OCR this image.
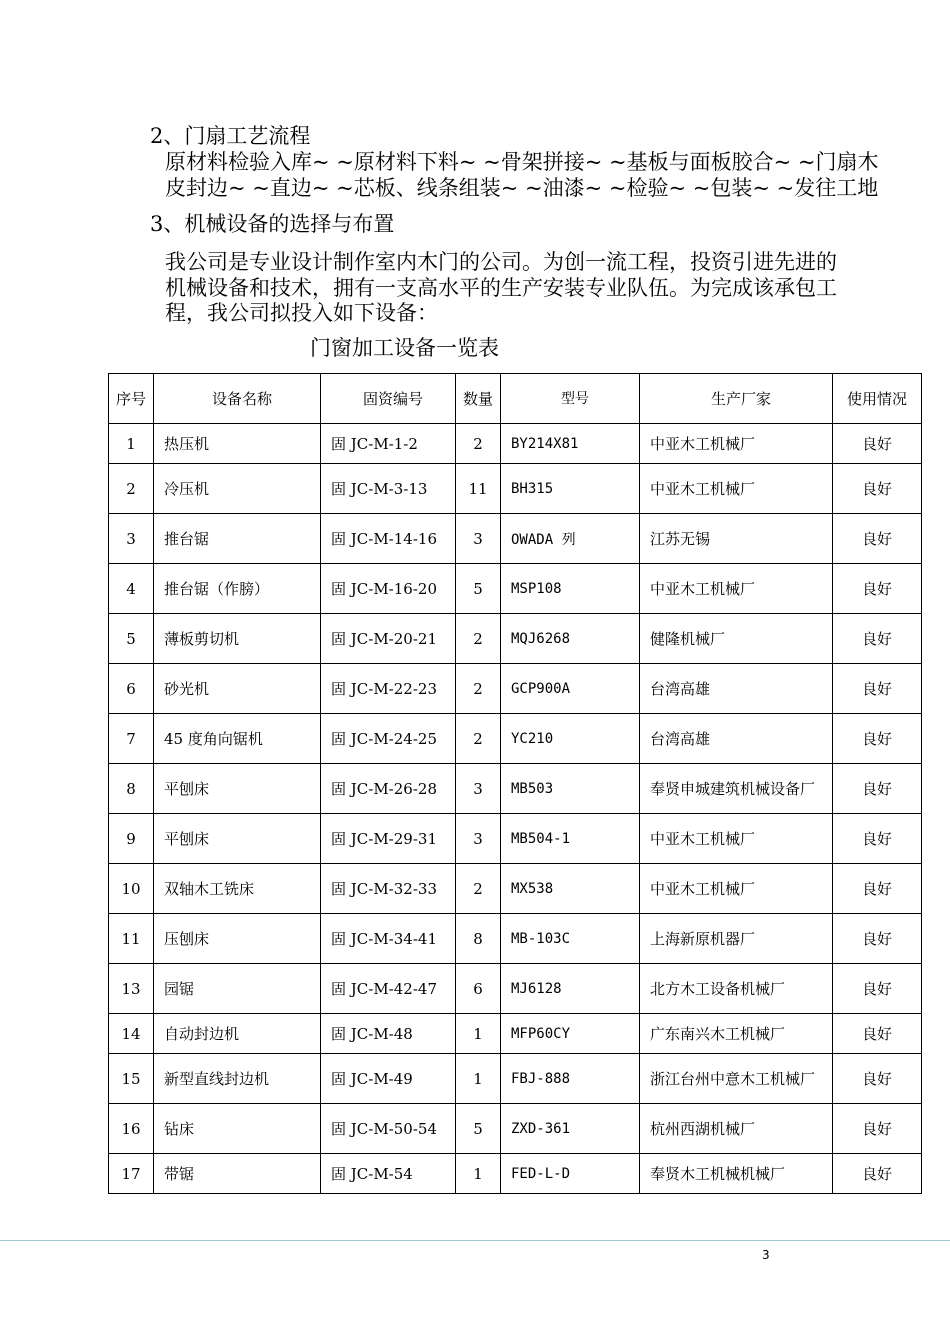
2、门扇工艺流程
原材料检验入库~ ~原材料下料~ ~骨架拼接~ ~基板与面板胶合~ ~门扇木
皮封边~ ~直边~ ~芯板、线条组装~ ~油漆~ ~检验~ ~包装~ ~发往工地
3、机械设备的选择与布置
我公司是专业设计制作室内木门的公司。为创一流工程，投资引进先进的
机械设备和技术，拥有一支高水平的生产安装专业队伍。为完成该承包工
程，我公司拟投入如下设备：
门窗加工设备一览表
序号	设备名称	固资编号	数量	型号	生产厂家	使用情况
1	热压机	固 JC-M-1-2	2	BY214X81	中亚木工机械厂	良好
2	冷压机	固 JC-M-3-13	11	BH315	中亚木工机械厂	良好
3	推台锯	固 JC-M-14-16	3	OWADA 列	江苏无锡	良好
4	推台锯（作膀）	固 JC-M-16-20	5	MSP108	中亚木工机械厂	良好
5	薄板剪切机	固 JC-M-20-21	2	MQJ6268	健隆机械厂	良好
6	砂光机	固 JC-M-22-23	2	GCP900A	台湾高雄	良好
7	45 度角向锯机	固 JC-M-24-25	2	YC210	台湾高雄	良好
8	平刨床	固 JC-M-26-28	3	MB503	奉贤申城建筑机械设备厂	良好
9	平刨床	固 JC-M-29-31	3	MB504-1	中亚木工机械厂	良好
10	双轴木工铣床	固 JC-M-32-33	2	MX538	中亚木工机械厂	良好
11	压刨床	固 JC-M-34-41	8	MB-103C	上海新原机器厂	良好
13	园锯	固 JC-M-42-47	6	MJ6128	北方木工设备机械厂	良好
14	自动封边机	固 JC-M-48	1	MFP60CY	广东南兴木工机械厂	良好
15	新型直线封边机	固 JC-M-49	1	FBJ-888	浙江台州中意木工机械厂	良好
16	钻床	固 JC-M-50-54	5	ZXD-361	杭州西湖机械厂	良好
17	带锯	固 JC-M-54	1	FED-L-D	奉贤木工机械机械厂	良好
3
